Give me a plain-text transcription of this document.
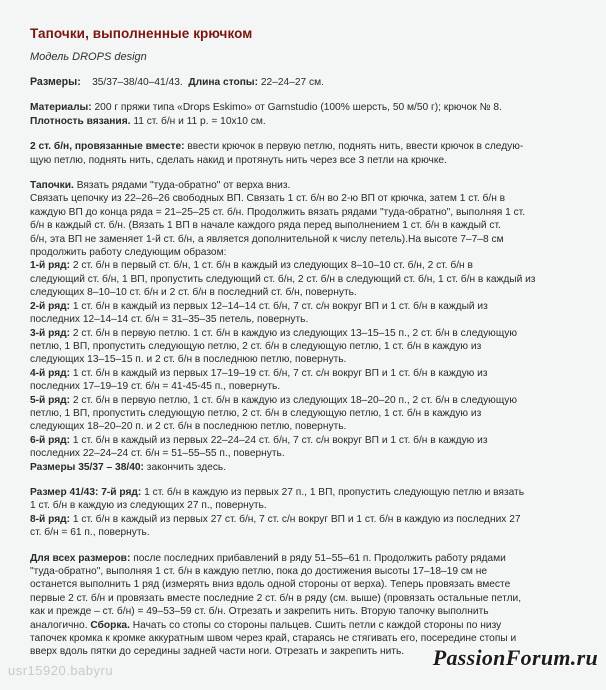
Тапочки, выполненные крючком
Модель DROPS design
Размеры: 35/37–38/40–41/43. Длина стопы: 22–24–27 см.
Материалы: 200 г пряжи типа «Drops Eskimo» от Garnstudio (100% шерсть, 50 м/50 г); крючок № 8.
Плотность вязания. 11 ст. б/н и 11 р. = 10х10 см.
2 ст. б/н, провязанные вместе: ввести крючок в первую петлю, поднять нить, ввести крючок в следую-
щую петлю, поднять нить, сделать накид и протянуть нить через все 3 петли на крючке.
Тапочки. Вязать рядами "туда-обратно" от верха вниз.
Связать цепочку из 22–26–26 свободных ВП. Связать 1 ст. б/н во 2-ю ВП от крючка, затем 1 ст. б/н в
каждую ВП до конца ряда = 21–25–25 ст. б/н. Продолжить вязать рядами "туда-обратно", выполняя 1 ст.
б/н в каждый ст. б/н. (Вязать 1 ВП в начале каждого ряда перед выполнением 1 ст. б/н в каждый ст.
б/н, эта ВП не заменяет 1-й ст. б/н, а является дополнительной к числу петель).На высоте 7–7–8 см
продолжить работу следующим образом:
1-й ряд: 2 ст. б/н в первый ст. б/н, 1 ст. б/н в каждый из следующих 8–10–10 ст. б/н, 2 ст. б/н в
следующий ст. б/н, 1 ВП, пропустить следующий ст. б/н, 2 ст. б/н в следующий ст. б/н, 1 ст. б/н в каждый из
следующих 8–10–10 ст. б/н и 2 ст. б/н в последний ст. б/н, повернуть.
2-й ряд: 1 ст. б/н в каждый из первых 12–14–14 ст. б/н, 7 ст. с/н вокруг ВП и 1 ст. б/н в каждый из
последних 12–14–14 ст. б/н = 31–35–35 петель, повернуть.
3-й ряд: 2 ст. б/н в первую петлю. 1 ст. б/н в каждую из следующих 13–15–15 п., 2 ст. б/н в следующую
петлю, 1 ВП, пропустить следующую петлю, 2 ст. б/н в следующую петлю, 1 ст. б/н в каждую из
следующих 13–15–15 п. и 2 ст. б/н в последнюю петлю, повернуть.
4-й ряд: 1 ст. б/н в каждый из первых 17–19–19 ст. б/н, 7 ст. с/н вокруг ВП и 1 ст. б/н в каждую из
последних 17–19–19 ст. б/н = 41-45-45 п., повернуть.
5-й ряд: 2 ст. б/н в первую петлю, 1 ст. б/н в каждую из следующих 18–20–20 п., 2 ст. б/н в следующую
петлю, 1 ВП, пропустить следующую петлю, 2 ст. б/н в следующую петлю, 1 ст. б/н в каждую из
следующих 18–20–20 п. и 2 ст. б/н в последнюю петлю, повернуть.
6-й ряд: 1 ст. б/н в каждый из первых 22–24–24 ст. б/н, 7 ст. с/н вокруг ВП и 1 ст. б/н в каждую из
последних 22–24–24 ст. б/н = 51–55–55 п., повернуть.
Размеры 35/37 – 38/40: закончить здесь.
Размер 41/43: 7-й ряд: 1 ст. б/н в каждую из первых 27 п., 1 ВП, пропустить следующую петлю и вязать
1 ст. б/н в каждую из следующих 27 п., повернуть.
8-й ряд: 1 ст. б/н в каждый из первых 27 ст. б/н, 7 ст. с/н вокруг ВП и 1 ст. б/н в каждую из последних 27
ст. б/н = 61 п., повернуть.
Для всех размеров: после последних прибавлений в ряду 51–55–61 п. Продолжить работу рядами
"туда-обратно", выполняя 1 ст. б/н в каждую петлю, пока до достижения высоты 17–18–19 см не
останется выполнить 1 ряд (измерять вниз вдоль одной стороны от верха). Теперь провязать вместе
первые 2 ст. б/н и провязать вместе последние 2 ст. б/н в ряду (см. выше) (провязать остальные петли,
как и прежде – ст. б/н) = 49–53–59 ст. б/н. Отрезать и закрепить нить. Вторую тапочку выполнить
аналогично. Сборка. Начать со стопы со стороны пальцев. Сшить петли с каждой стороны по низу
тапочек кромка к кромке аккуратным швом через край, стараясь не стягивать его, посередине стопы и
вверх вдоль пятки до середины задней части ноги. Отрезать и закрепить нить.
usr15920.babyru
PassionForum.ru
